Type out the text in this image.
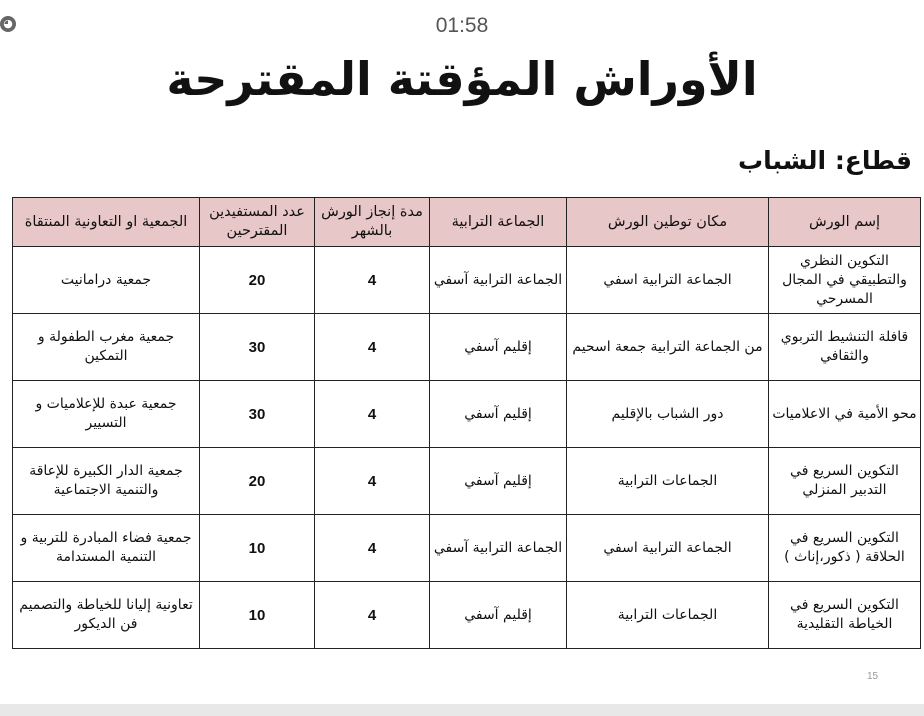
◕	01:58
الأوراش المؤقتة المقترحة
قطاع: الشباب
إسم الورش	مكان توطين الورش	الجماعة الترابية	مدة إنجاز الورش بالشهر	عدد المستفيدين المقترحين	الجمعية او التعاونية المنتقاة
التكوين النظري والتطبيقي في المجال المسرحي	الجماعة الترابية اسفي	الجماعة الترابية آسفي	4	20	جمعية درامانيت
قافلة التنشيط التربوي والثقافي	من الجماعة الترابية جمعة اسحيم	إقليم آسفي	4	30	جمعية مغرب الطفولة و التمكين
محو الأمية في الاعلاميات	دور الشباب بالإقليم	إقليم آسفي	4	30	جمعية عبدة للإعلاميات و التسيير
التكوين السريع في التدبير المنزلي	الجماعات الترابية	إقليم آسفي	4	20	جمعية الدار الكبيرة للإعاقة والتنمية الاجتماعية
التكوين السريع في الحلاقة ( ذكور،إناث )	الجماعة الترابية اسفي	الجماعة الترابية آسفي	4	10	جمعية فضاء المبادرة للتربية و التنمية المستدامة
التكوين السريع في الخياطة التقليدية	الجماعات الترابية	إقليم آسفي	4	10	تعاونية إليانا للخياطة والتصميم فن الديكور
15
